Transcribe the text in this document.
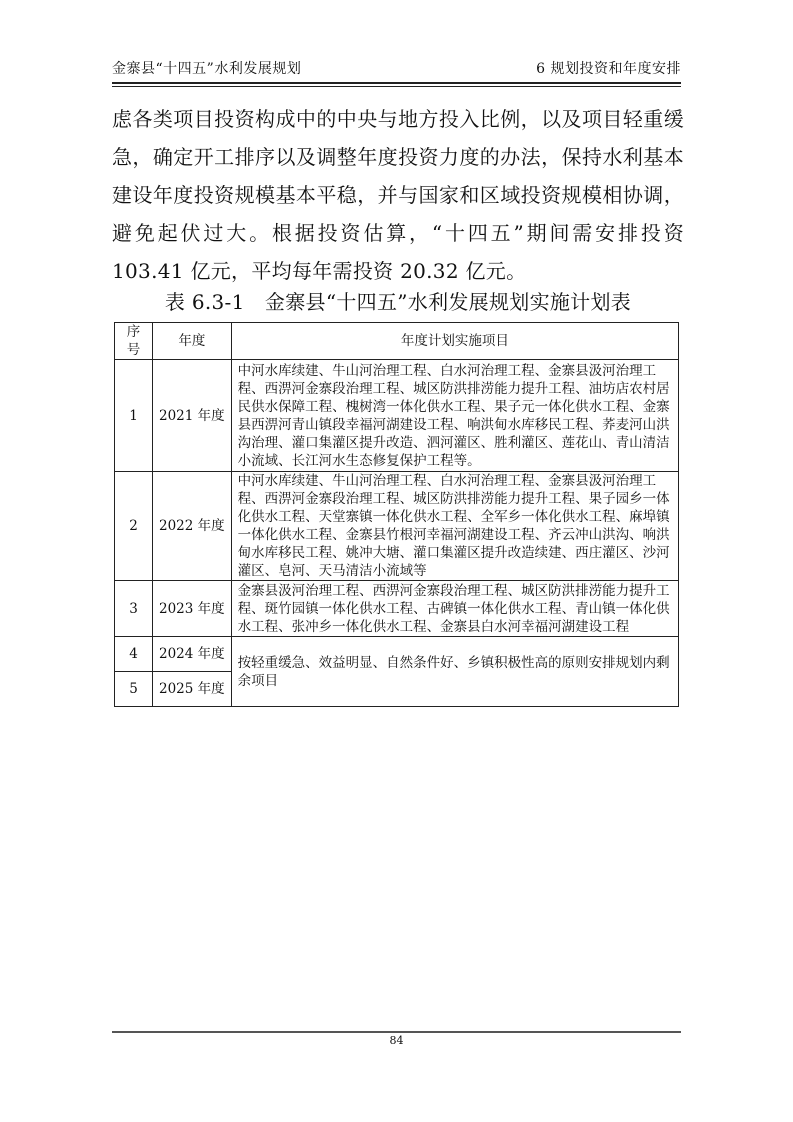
金寨县“十四五”水利发展规划	6 规划投资和年度安排

虑各类项目投资构成中的中央与地方投入比例，以及项目轻重缓急，确定开工排序以及调整年度投资力度的办法，保持水利基本建设年度投资规模基本平稳，并与国家和区域投资规模相协调，避免起伏过大。根据投资估算，“十四五”期间需安排投资 103.41 亿元，平均每年需投资 20.32 亿元。

表 6.3-1　金寨县“十四五”水利发展规划实施计划表
序号	年度	年度计划实施项目
1	2021 年度	中河水库续建、牛山河治理工程、白水河治理工程、金寨县汲河治理工程、西淠河金寨段治理工程、城区防洪排涝能力提升工程、油坊店农村居民供水保障工程、槐树湾一体化供水工程、果子元一体化供水工程、金寨县西淠河青山镇段幸福河湖建设工程、响洪甸水库移民工程、荞麦河山洪沟治理、灌口集灌区提升改造、泗河灌区、胜利灌区、莲花山、青山清洁小流域、长江河水生态修复保护工程等。
2	2022 年度	中河水库续建、牛山河治理工程、白水河治理工程、金寨县汲河治理工程、西淠河金寨段治理工程、城区防洪排涝能力提升工程、果子园乡一体化供水工程、天堂寨镇一体化供水工程、全军乡一体化供水工程、麻埠镇一体化供水工程、金寨县竹根河幸福河湖建设工程、齐云冲山洪沟、响洪甸水库移民工程、姚冲大塘、灌口集灌区提升改造续建、西庄灌区、沙河灌区、皂河、天马清洁小流域等
3	2023 年度	金寨县汲河治理工程、西淠河金寨段治理工程、城区防洪排涝能力提升工程、斑竹园镇一体化供水工程、古碑镇一体化供水工程、青山镇一体化供水工程、张冲乡一体化供水工程、金寨县白水河幸福河湖建设工程
4	2024 年度	按轻重缓急、效益明显、自然条件好、乡镇积极性高的原则安排规划内剩余项目
5	2025 年度	
84
